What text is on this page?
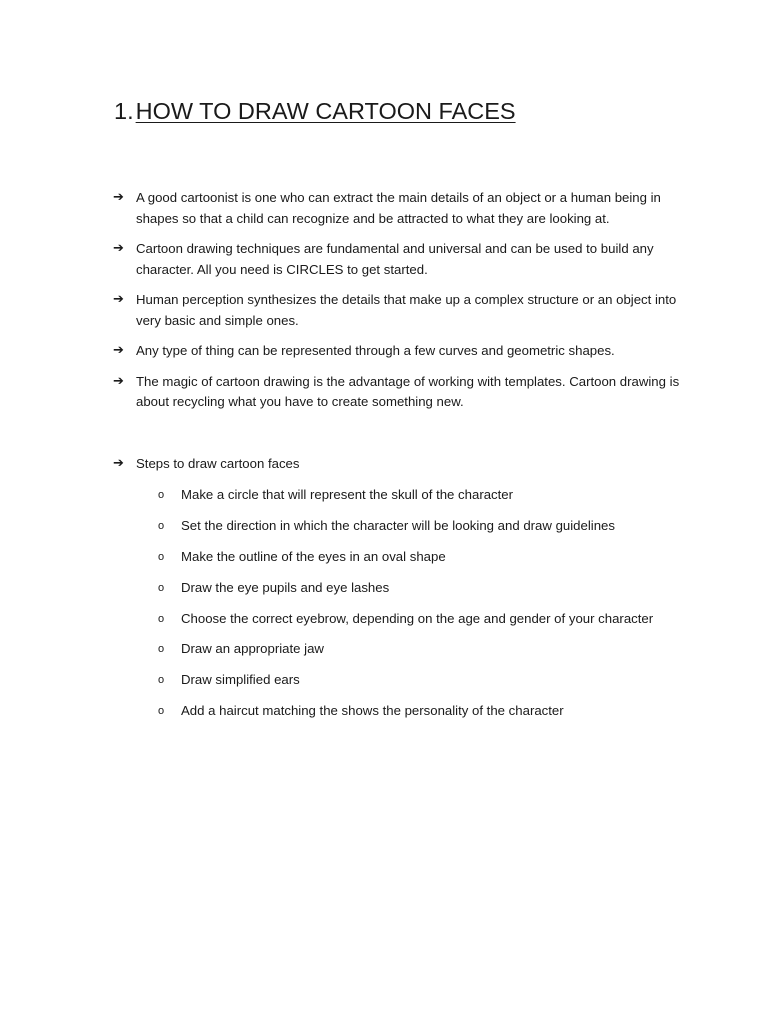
1.HOW TO DRAW CARTOON FACES
➔ A good cartoonist is one who can extract the main details of an object or a human being in shapes so that a child can recognize and be attracted to what they are looking at.
➔ Cartoon drawing techniques are fundamental and universal and can be used to build any character. All you need is CIRCLES to get started.
➔ Human perception synthesizes the details that make up a complex structure or an object into very basic and simple ones.
➔ Any type of thing can be represented through a few curves and geometric shapes.
➔ The magic of cartoon drawing is the advantage of working with templates. Cartoon drawing is about recycling what you have to create something new.
➔ Steps to draw cartoon faces
o Make a circle that will represent the skull of the character
o Set the direction in which the character will be looking and draw guidelines
o Make the outline of the eyes in an oval shape
o Draw the eye pupils and eye lashes
o Choose the correct eyebrow, depending on the age and gender of your character
o Draw an appropriate jaw
o Draw simplified ears
o Add a haircut matching the shows the personality of the character
